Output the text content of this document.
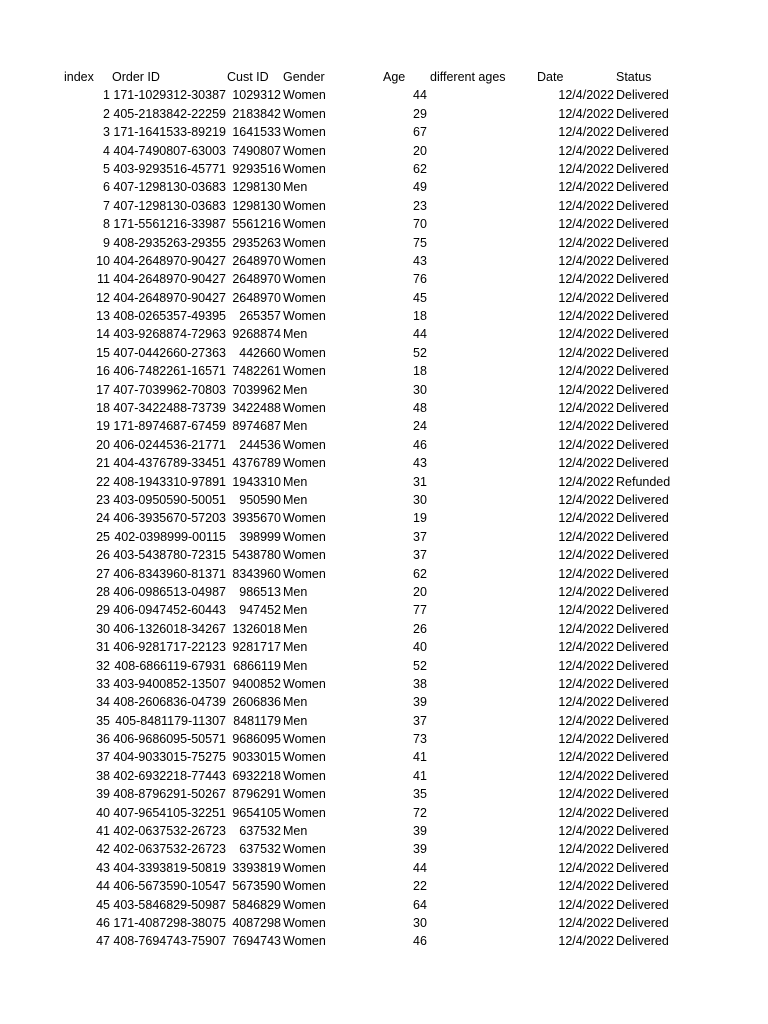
index	Order ID	Cust ID	Gender	Age	different ages	Date	Status
1 171-1029312-30387 1029312 Women	44	12/4/2022 Delivered
2 405-2183842-22259 2183842 Women	29	12/4/2022 Delivered
3 171-1641533-89219 1641533 Women	67	12/4/2022 Delivered
4 404-7490807-63003 7490807 Women	20	12/4/2022 Delivered
5 403-9293516-45771 9293516 Women	62	12/4/2022 Delivered
6 407-1298130-03683 1298130 Men	49	12/4/2022 Delivered
7 407-1298130-03683 1298130 Women	23	12/4/2022 Delivered
8 171-5561216-33987 5561216 Women	70	12/4/2022 Delivered
9 408-2935263-29355 2935263 Women	75	12/4/2022 Delivered
10 404-2648970-90427 2648970 Women	43	12/4/2022 Delivered
11 404-2648970-90427 2648970 Women	76	12/4/2022 Delivered
12 404-2648970-90427 2648970 Women	45	12/4/2022 Delivered
13 408-0265357-49395	265357 Women	18	12/4/2022 Delivered
14 403-9268874-72963 9268874 Men	44	12/4/2022 Delivered
15 407-0442660-27363	442660 Women	52	12/4/2022 Delivered
16 406-7482261-16571 7482261 Women	18	12/4/2022 Delivered
17 407-7039962-70803 7039962 Men	30	12/4/2022 Delivered
18 407-3422488-73739 3422488 Women	48	12/4/2022 Delivered
19 171-8974687-67459 8974687 Men	24	12/4/2022 Delivered
20 406-0244536-21771	244536 Women	46	12/4/2022 Delivered
21 404-4376789-33451 4376789 Women	43	12/4/2022 Delivered
22 408-1943310-97891 1943310 Men	31	12/4/2022 Refunded
23 403-0950590-50051	950590 Men	30	12/4/2022 Delivered
24 406-3935670-57203 3935670 Women	19	12/4/2022 Delivered
25 402-0398999-00115	398999 Women	37	12/4/2022 Delivered
26 403-5438780-72315 5438780 Women	37	12/4/2022 Delivered
27 406-8343960-81371 8343960 Women	62	12/4/2022 Delivered
28 406-0986513-04987	986513 Men	20	12/4/2022 Delivered
29 406-0947452-60443	947452 Men	77	12/4/2022 Delivered
30 406-1326018-34267 1326018 Men	26	12/4/2022 Delivered
31 406-9281717-22123 9281717 Men	40	12/4/2022 Delivered
32 408-6866119-67931 6866119 Men	52	12/4/2022 Delivered
33 403-9400852-13507 9400852 Women	38	12/4/2022 Delivered
34 408-2606836-04739 2606836 Men	39	12/4/2022 Delivered
35 405-8481179-11307 8481179 Men	37	12/4/2022 Delivered
36 406-9686095-50571 9686095 Women	73	12/4/2022 Delivered
37 404-9033015-75275 9033015 Women	41	12/4/2022 Delivered
38 402-6932218-77443 6932218 Women	41	12/4/2022 Delivered
39 408-8796291-50267 8796291 Women	35	12/4/2022 Delivered
40 407-9654105-32251 9654105 Women	72	12/4/2022 Delivered
41 402-0637532-26723	637532 Men	39	12/4/2022 Delivered
42 402-0637532-26723	637532 Women	39	12/4/2022 Delivered
43 404-3393819-50819 3393819 Women	44	12/4/2022 Delivered
44 406-5673590-10547 5673590 Women	22	12/4/2022 Delivered
45 403-5846829-50987 5846829 Women	64	12/4/2022 Delivered
46 171-4087298-38075 4087298 Women	30	12/4/2022 Delivered
47 408-7694743-75907 7694743 Women	46	12/4/2022 Delivered
